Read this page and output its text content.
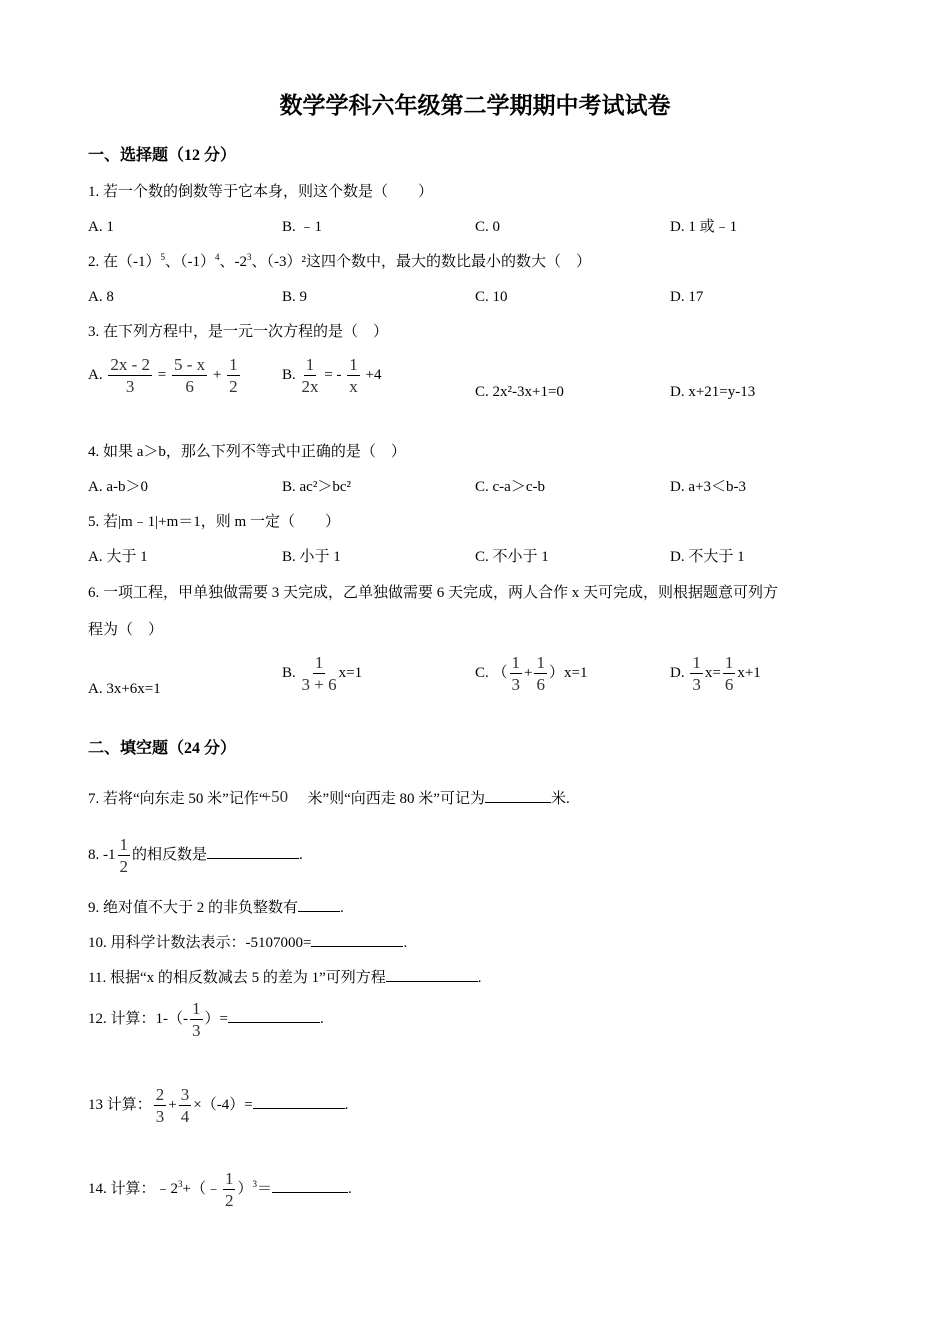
数学学科六年级第二学期期中考试试卷
一、选择题（12 分）
1. 若一个数的倒数等于它本身，则这个数是（　　）
A. 1	B. ﹣1	C. 0	D. 1 或﹣1
2. 在$(-1)^5$、$(-1)^4$、$-2^3$、（-3）²这四个数中，最大的数比最小的数大（　）
A. 8	B. 9	C. 10	D. 17
3. 在下列方程中，是一元一次方程的是（　）
A. $\frac{2x - 2}{3} = \frac{5 - x}{6} + \frac{1}{2}$	B. $\frac{1}{2x}$ = - $\frac{1}{x} +4$
C. 2x²-3x+1=0	D. x+21=y-13
4. 如果 a＞b，那么下列不等式中正确的是（　）
A. a-b＞0	B. ac²＞bc²	C. c-a＞c-b	D. a+3＜b-3
5. 若|m﹣1|+m＝1，则 m 一定（　　）
A. 大于 1	B. 小于 1	C. 不小于 1	D. 不大于 1
6. 一项工程，甲单独做需要 3 天完成，乙单独做需要 6 天完成，两人合作 x 天可完成，则根据题意可列方
程为（　）
A. 3x+6x=1
B. $\frac{1}{3 + 6} x=1$	C. （ $\frac{1}{3} + \frac{1}{6} )x=1$	D. $\frac{1}{3} x= \frac{1}{6} x+1$
二、填空题（24 分）
7. 若将“向东走 50 米”记作“
+50 米”则“向西走 80 米”可记为	米.
8. $-1 \frac{1}{2}$ 的相反数是	.
9. 绝对值不大于 2 的非负整数有	.
10. 用科学计数法表示：-5107000=	.
11. 根据“x 的相反数减去 5 的差为 1”可列方程	.
12. 计算：$1-(- \frac{1}{3}$ ）=	.
13 计算： $\frac{2}{3} + \frac{3}{4} \times(-4)=$	.
14. 计算：$﹣2^3+(﹣ \frac{1}{2} )^3=$	.
